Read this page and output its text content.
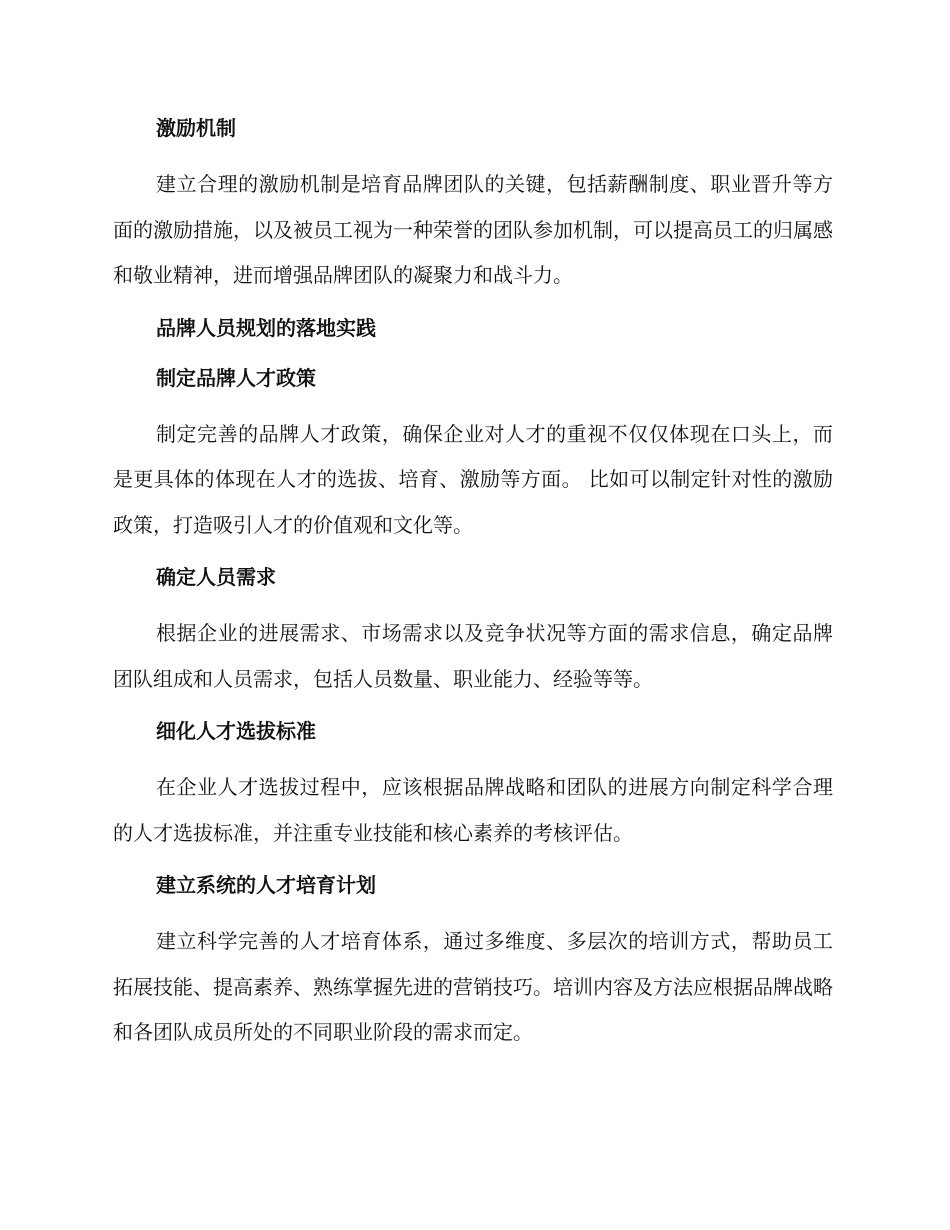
激励机制
建立合理的激励机制是培育品牌团队的关键，包括薪酬制度、职业晋升等方面的激励措施，以及被员工视为一种荣誉的团队参加机制，可以提高员工的归属感和敬业精神，进而增强品牌团队的凝聚力和战斗力。
品牌人员规划的落地实践
制定品牌人才政策
制定完善的品牌人才政策，确保企业对人才的重视不仅仅体现在口头上，而是更具体的体现在人才的选拔、培育、激励等方面。 比如可以制定针对性的激励政策，打造吸引人才的价值观和文化等。
确定人员需求
根据企业的进展需求、市场需求以及竞争状况等方面的需求信息，确定品牌团队组成和人员需求，包括人员数量、职业能力、经验等等。
细化人才选拔标准
在企业人才选拔过程中，应该根据品牌战略和团队的进展方向制定科学合理的人才选拔标准，并注重专业技能和核心素养的考核评估。
建立系统的人才培育计划
建立科学完善的人才培育体系，通过多维度、多层次的培训方式，帮助员工拓展技能、提高素养、熟练掌握先进的营销技巧。培训内容及方法应根据品牌战略和各团队成员所处的不同职业阶段的需求而定。
